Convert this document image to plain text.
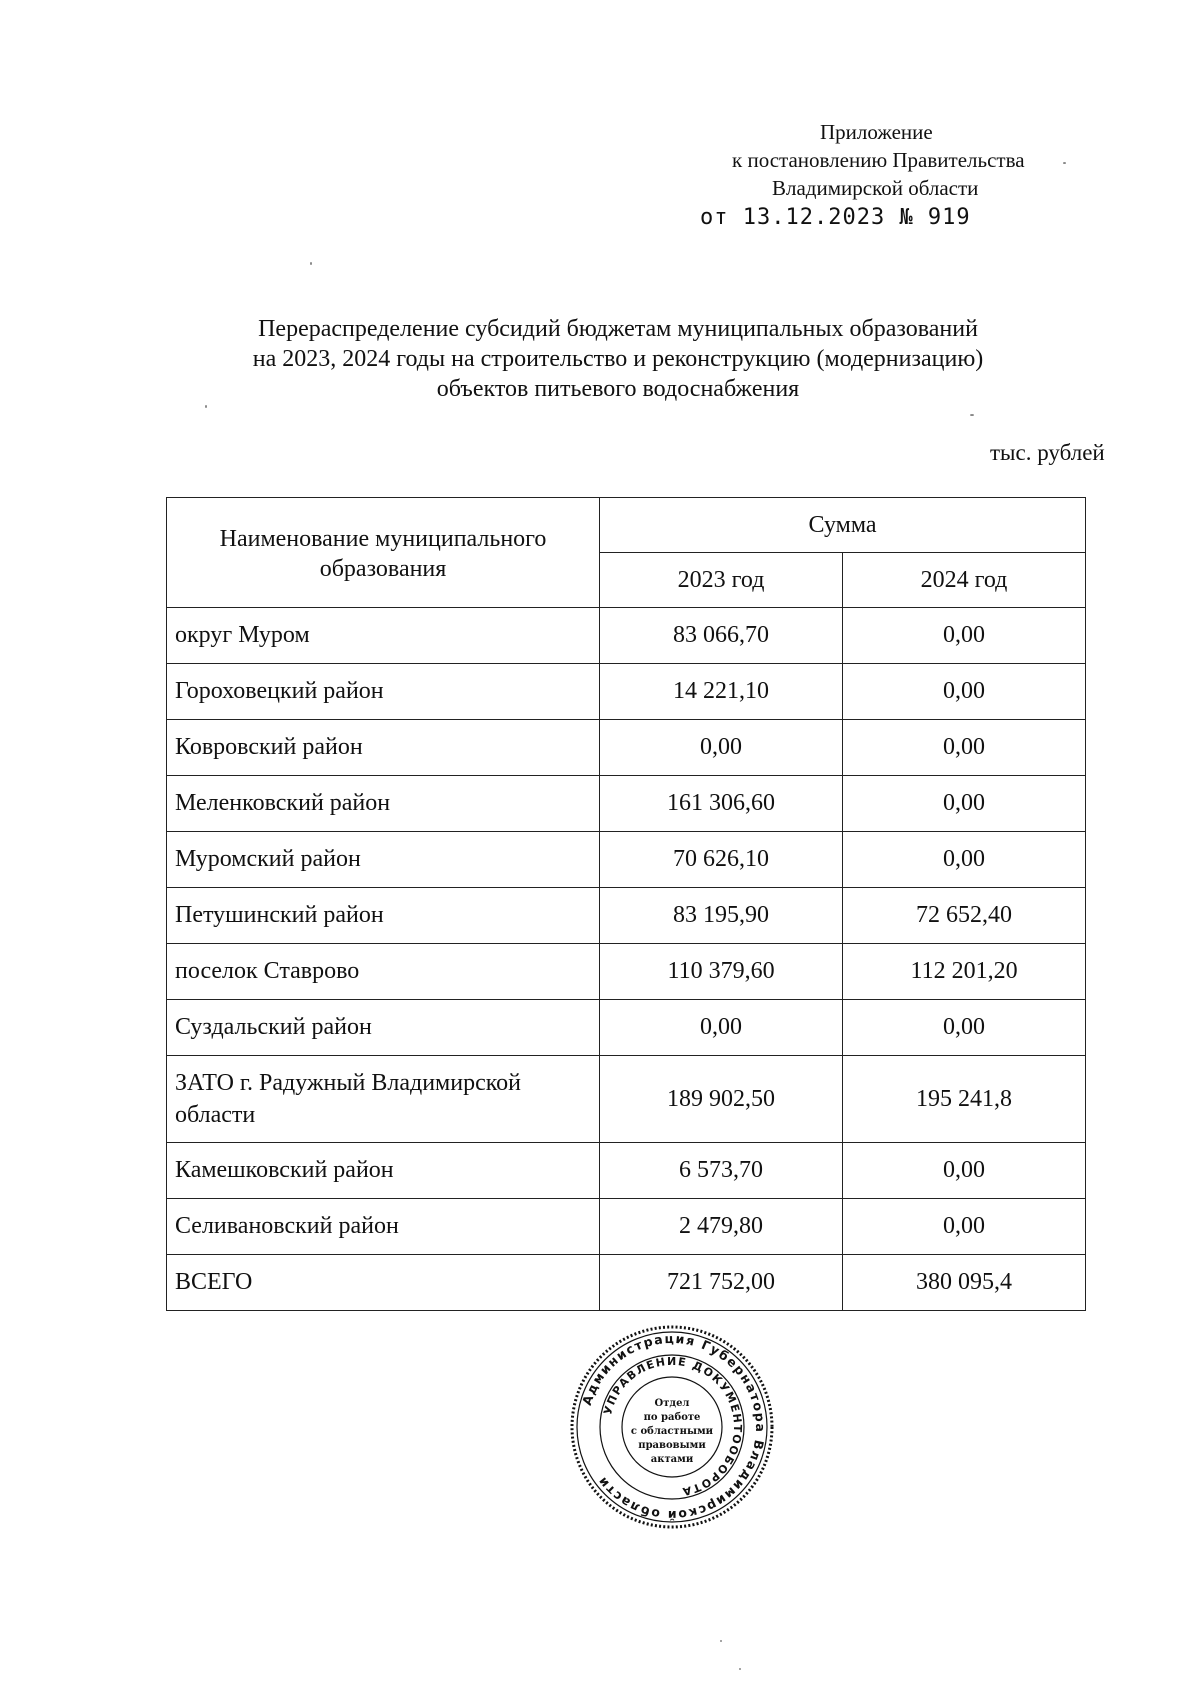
Приложение
к постановлению Правительства
Владимирской области
от 13.12.2023 № 919
Перераспределение субсидий бюджетам муниципальных образований
на 2023, 2024 годы на строительство и реконструкцию (модернизацию)
объектов питьевого водоснабжения
тыс. рублей
Наименование муниципального образования	Сумма	
	2023 год	2024 год
округ Муром	83 066,70	0,00
Гороховецкий район	14 221,10	0,00
Ковровский район	0,00	0,00
Меленковский район	161 306,60	0,00
Муромский район	70 626,10	0,00
Петушинский район	83 195,90	72 652,40
поселок Ставрово	110 379,60	112 201,20
Суздальский район	0,00	0,00
ЗАТО г. Радужный Владимирской области	189 902,50	195 241,8
Камешковский район	6 573,70	0,00
Селивановский район	2 479,80	0,00
ВСЕГО	721 752,00	380 095,4
Администрация Губернатора Владимирской области
УПРАВЛЕНИЕ ДОКУМЕНТООБОРОТА
Отдел
по работе
с областными
правовыми
актами
